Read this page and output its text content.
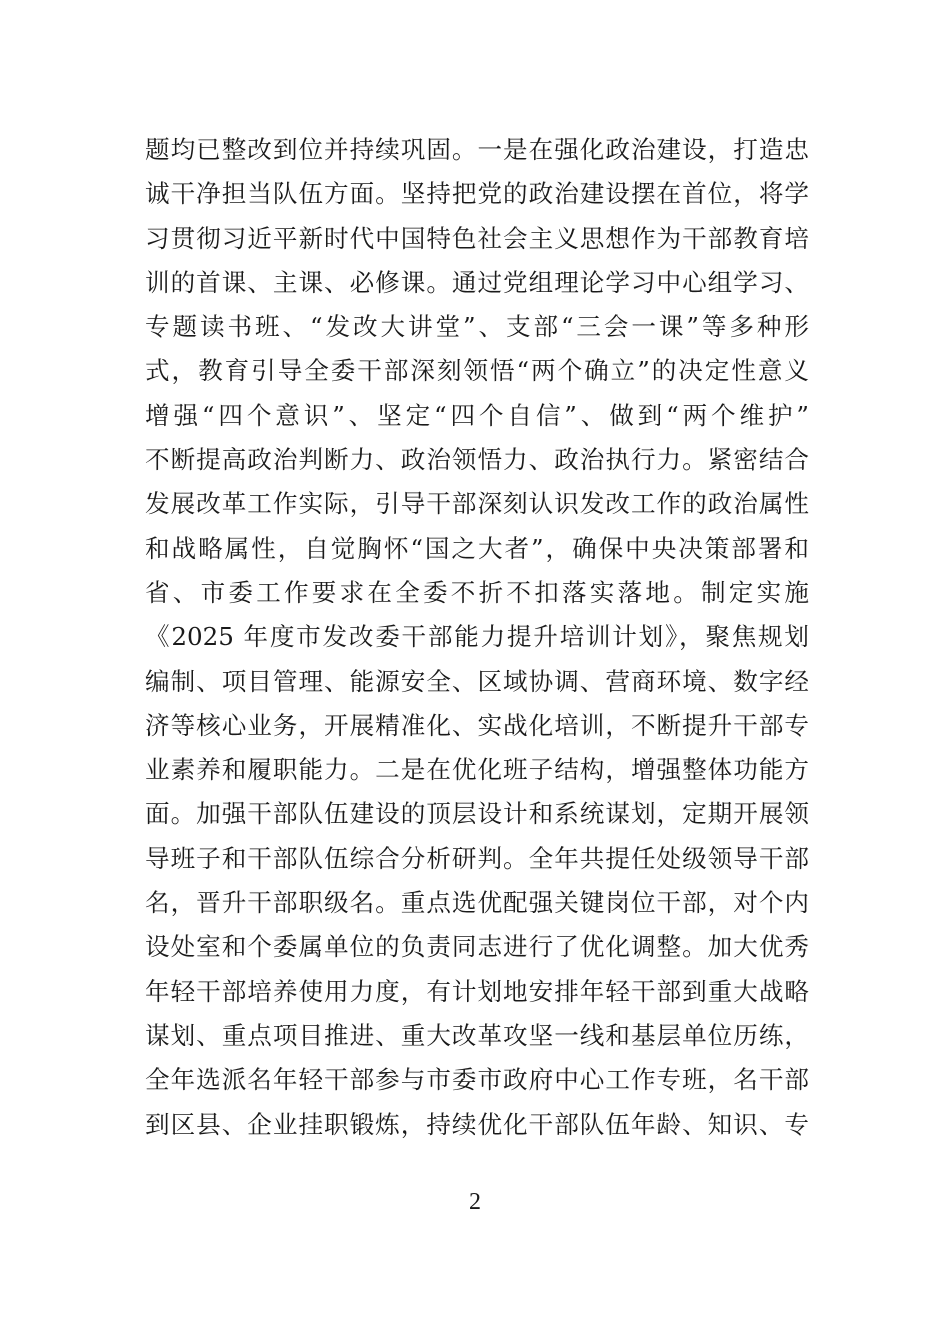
题均已整改到位并持续巩固。一是在强化政治建设，打造忠
诚干净担当队伍方面。坚持把党的政治建设摆在首位，将学
习贯彻习近平新时代中国特色社会主义思想作为干部教育培
训的首课、主课、必修课。通过党组理论学习中心组学习、
专题读书班、“发改大讲堂”、支部“三会一课”等多种形
式，教育引导全委干部深刻领悟“两个确立”的决定性意义
增强“四个意识”、坚定“四个自信”、做到“两个维护”
不断提高政治判断力、政治领悟力、政治执行力。紧密结合
发展改革工作实际，引导干部深刻认识发改工作的政治属性
和战略属性，自觉胸怀“国之大者”，确保中央决策部署和
省、市委工作要求在全委不折不扣落实落地。制定实施
《2025 年度市发改委干部能力提升培训计划》，聚焦规划
编制、项目管理、能源安全、区域协调、营商环境、数字经
济等核心业务，开展精准化、实战化培训，不断提升干部专
业素养和履职能力。二是在优化班子结构，增强整体功能方
面。加强干部队伍建设的顶层设计和系统谋划，定期开展领
导班子和干部队伍综合分析研判。全年共提任处级领导干部
名，晋升干部职级名。重点选优配强关键岗位干部，对个内
设处室和个委属单位的负责同志进行了优化调整。加大优秀
年轻干部培养使用力度，有计划地安排年轻干部到重大战略
谋划、重点项目推进、重大改革攻坚一线和基层单位历练，
全年选派名年轻干部参与市委市政府中心工作专班，名干部
到区县、企业挂职锻炼，持续优化干部队伍年龄、知识、专
2
